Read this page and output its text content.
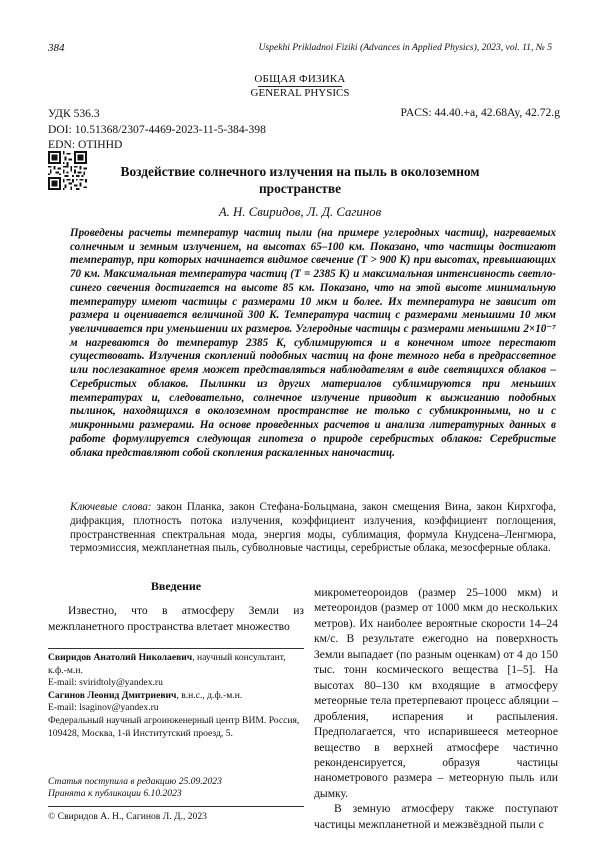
384	Uspekhi Prikladnoi Fiziki (Advances in Applied Physics), 2023, vol. 11, № 5
ОБЩАЯ ФИЗИКА
GENERAL PHYSICS
УДК 536.3
DOI: 10.51368/2307-4469-2023-11-5-384-398
EDN: OTIHHD
PACS: 44.40.+a, 42.68Ay, 42.72.g
Воздействие солнечного излучения на пыль в околоземном пространстве
А. Н. Свиридов, Л. Д. Сагинов

Проведены расчеты температур частиц пыли (на примере углеродных частиц), нагреваемых солнечным и земным излучением, на высотах 65–100 км. Показано, что частицы достигают температур, при которых начинается видимое свечение (T > 900 K) при высотах, превышающих 70 км. Максимальная температура частиц (T = 2385 K) и максимальная интенсивность светло-синего свечения достигается на высоте 85 км. Показано, что на этой высоте минимальную температуру имеют частицы с размерами 10 мкм и более. Их температура не зависит от размера и оценивается величиной 300 K. Температура частиц с размерами меньшими 10 мкм увеличивается при уменьшении их размеров. Углеродные частицы с размерами меньшими 2×10⁻⁷ м нагреваются до температур 2385 K, сублимируются и в конечном итоге перестают существовать. Излучения скоплений подобных частиц на фоне темного неба в предрассветное или послезакатное время может представляться наблюдателям в виде светящихся облаков – Серебристых облаков. Пылинки из других материалов сублимируются при меньших температурах и, следовательно, солнечное излучение приводит к выжиганию подобных пылинок, находящихся в околоземном пространстве не только с субмикронными, но и с микронными размерами. На основе проведенных расчетов и анализа литературных данных в работе формулируется следующая гипотеза о природе серебристых облаков: Серебристые облака представляют собой скопления раскаленных наночастиц.

Ключевые слова: закон Планка, закон Стефана-Больцмана, закон смещения Вина, закон Кирхгофа, дифракция, плотность потока излучения, коэффициент излучения, коэффициент поглощения, пространственная спектральная мода, энергия моды, сублимация, формула Кнудсена–Ленгмюра, термоэмиссия, межпланетная пыль, субволновые частицы, серебристые облака, мезосферные облака.

Введение

Известно, что в атмосферу Земли из межпланетного пространства влетает множество

Свиридов Анатолий Николаевич, научный консультант, к.ф.-м.н.
E-mail: sviridtoly@yandex.ru
Сагинов Леонид Дмитриевич, в.н.с., д.ф.-м.н.
E-mail: lsaginov@yandex.ru
Федеральный научный агроинженерный центр ВИМ. Россия, 109428, Москва, 1-й Институтский проезд, 5.
Статья поступила в редакцию 25.09.2023
Принята к публикации 6.10.2023
© Свиридов А. Н., Сагинов Л. Д., 2023

микрометеороидов (размер 25–1000 мкм) и метеороидов (размер от 1000 мкм до нескольких метров). Их наиболее вероятные скорости 14–24 км/с. В результате ежегодно на поверхность Земли выпадает (по разным оценкам) от 4 до 150 тыс. тонн космического вещества [1–5]. На высотах 80–130 км входящие в атмосферу метеорные тела претерпевают процесс абляции – дробления, испарения и распыления. Предполагается, что испарившееся метеорное вещество в верхней атмосфере частично реконденсируется, образуя частицы нанометрового размера – метеорную пыль или дымку.

В земную атмосферу также поступают частицы межпланетной и межзвёздной пыли с
